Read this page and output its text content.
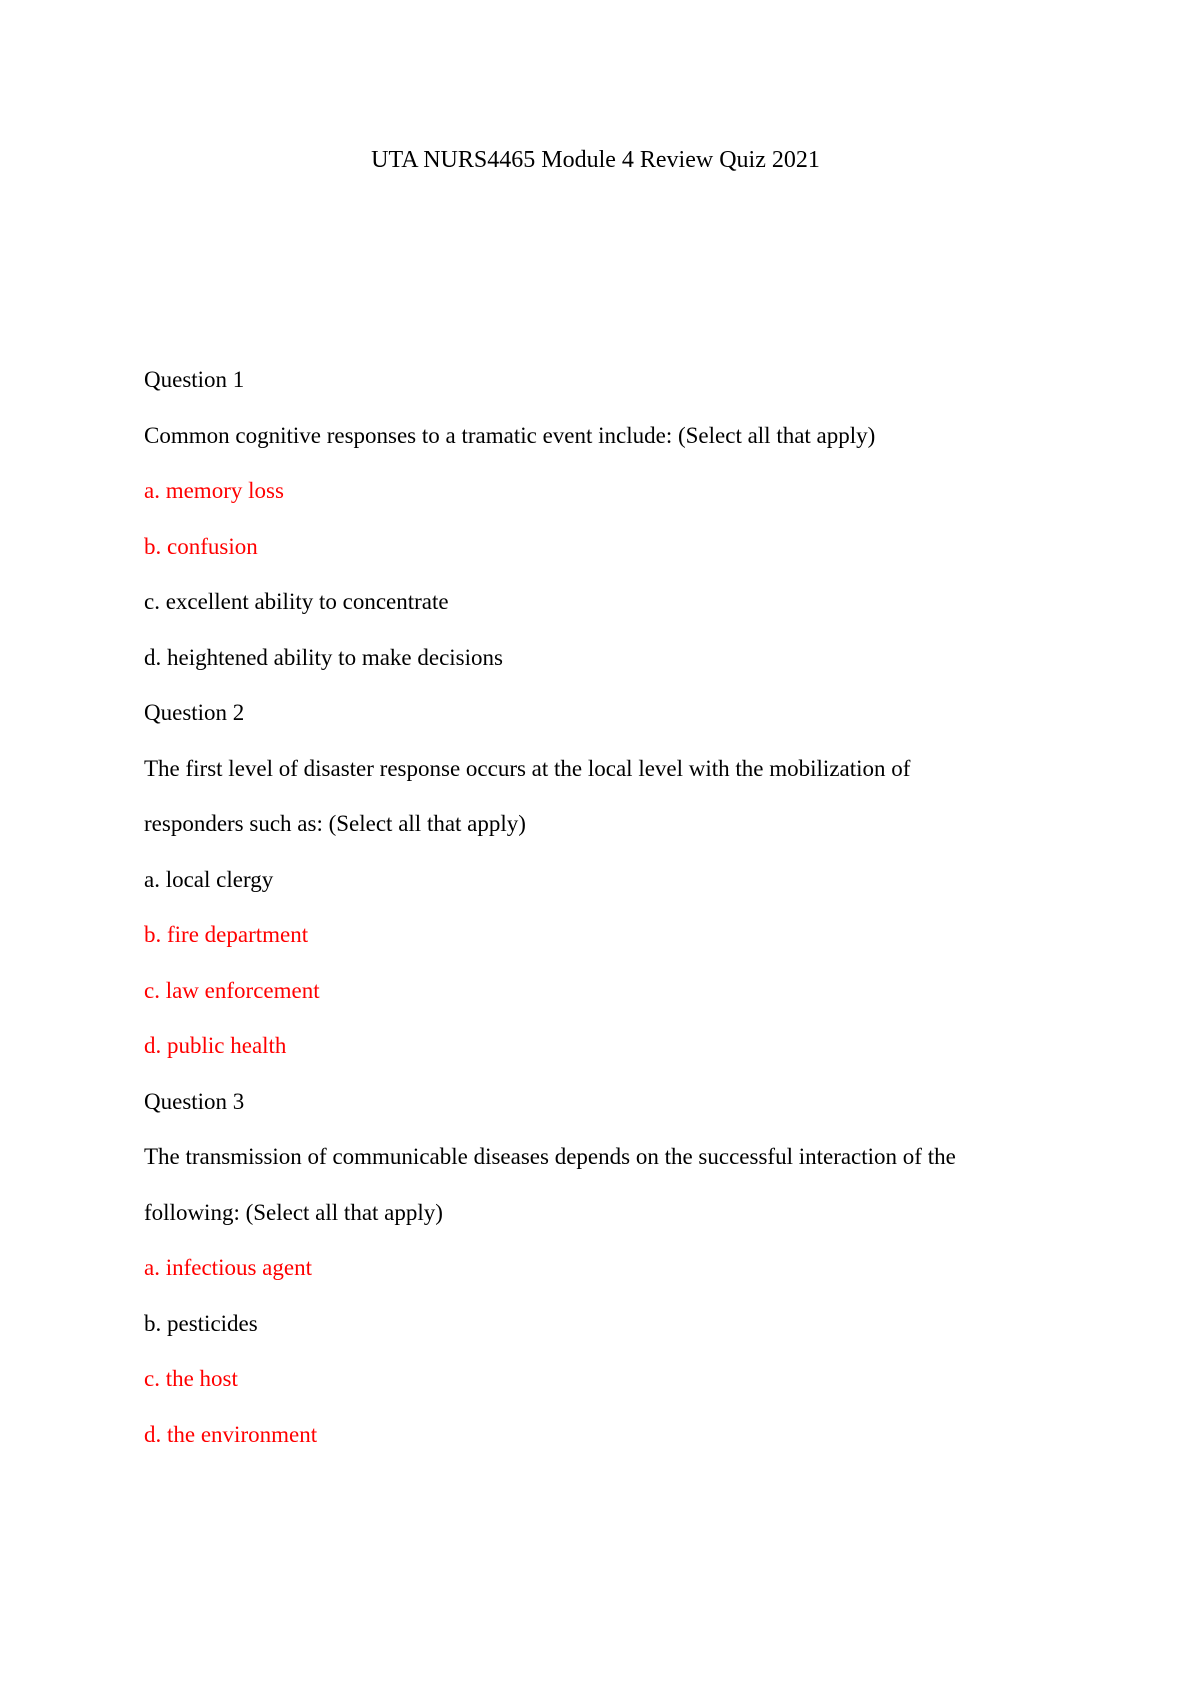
UTA NURS4465 Module 4 Review Quiz 2021
Question 1
Common cognitive responses to a tramatic event include: (Select all that apply)
a. memory loss
b. confusion
c. excellent ability to concentrate
d. heightened ability to make decisions
Question 2
The first level of disaster response occurs at the local level with the mobilization of
responders such as: (Select all that apply)
a. local clergy
b. fire department
c. law enforcement
d. public health
Question 3
The transmission of communicable diseases depends on the successful interaction of the
following: (Select all that apply)
a. infectious agent
b. pesticides
c. the host
d. the environment
